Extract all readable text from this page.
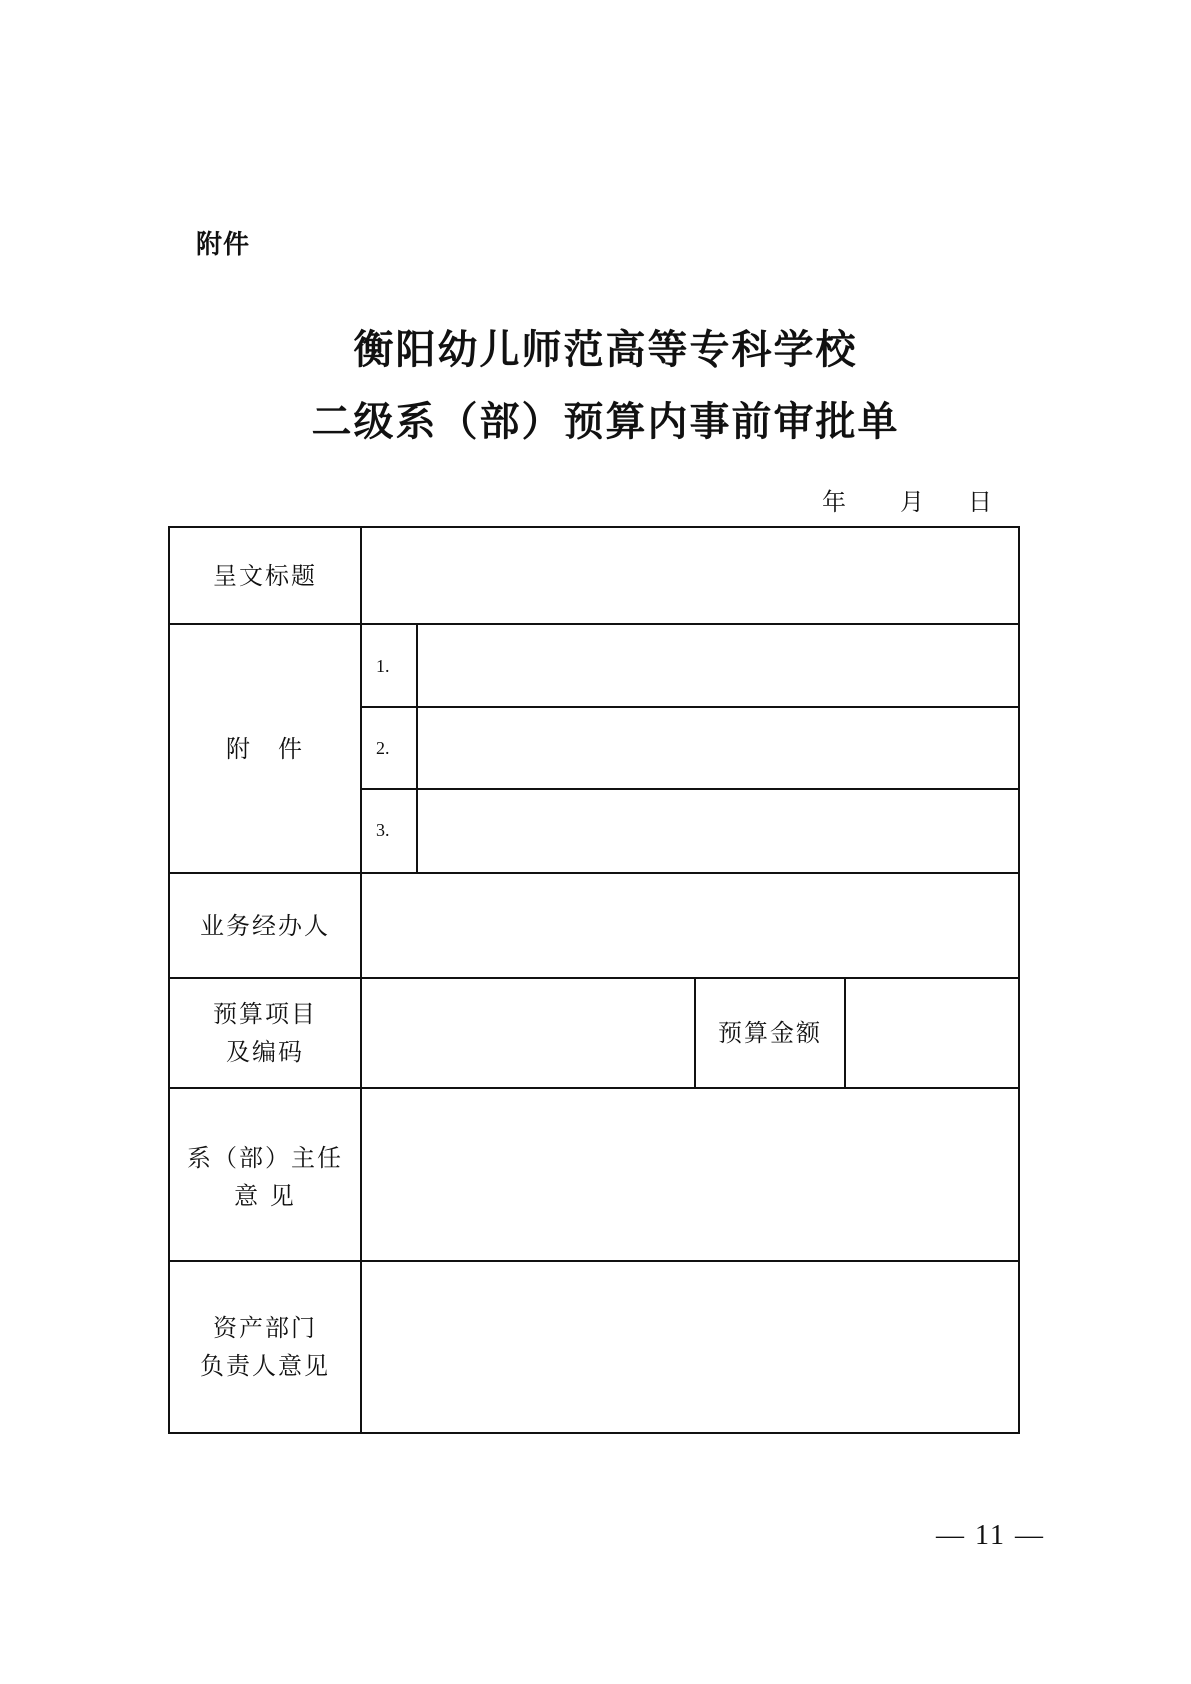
附件
衡阳幼儿师范高等专科学校
二级系（部）预算内事前审批单
年 月 日
呈文标题
附　件
1.
2.
3.
业务经办人
预算项目
及编码
预算金额
系（部）主任
意 见
资产部门
负责人意见
— 11 —
